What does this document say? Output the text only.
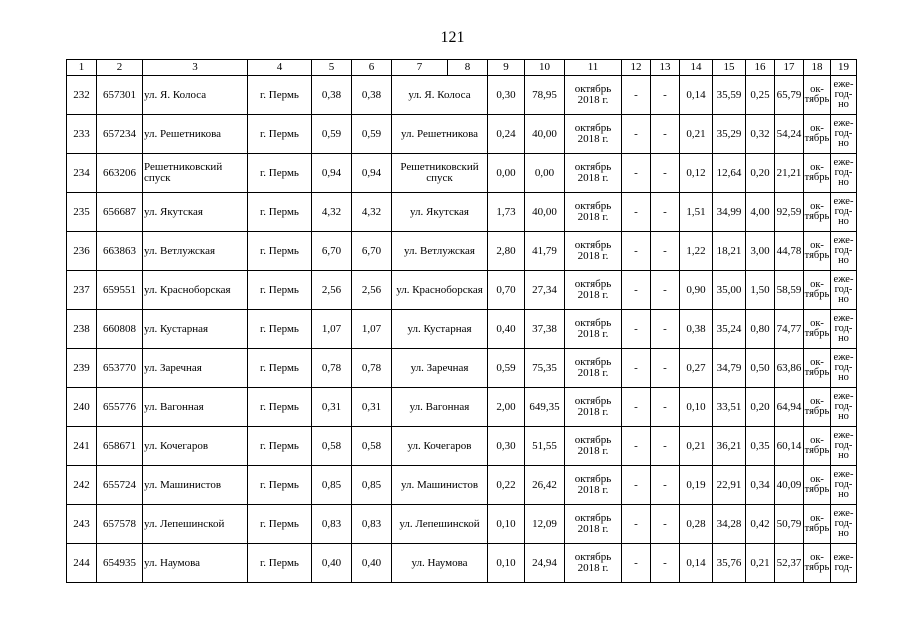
121
1	2	3	4	5	6	7	8	9	10	11	12	13	14	15	16	17	18	19
232	657301	ул. Я. Колоса	г. Пермь	0,38	0,38	ул. Я. Колоса		0,30	78,95	октябрь 2018 г.	-	-	0,14	35,59	0,25	65,79	ок-тябрь	еже-год-но
233	657234	ул. Решетникова	г. Пермь	0,59	0,59	ул. Решетникова		0,24	40,00	октябрь 2018 г.	-	-	0,21	35,29	0,32	54,24	ок-тябрь	еже-год-но
234	663206	Решетниковский спуск	г. Пермь	0,94	0,94	Решетниковский спуск		0,00	0,00	октябрь 2018 г.	-	-	0,12	12,64	0,20	21,21	ок-тябрь	еже-год-но
235	656687	ул. Якутская	г. Пермь	4,32	4,32	ул. Якутская		1,73	40,00	октябрь 2018 г.	-	-	1,51	34,99	4,00	92,59	ок-тябрь	еже-год-но
236	663863	ул. Ветлужская	г. Пермь	6,70	6,70	ул. Ветлужская		2,80	41,79	октябрь 2018 г.	-	-	1,22	18,21	3,00	44,78	ок-тябрь	еже-год-но
237	659551	ул. Красноборская	г. Пермь	2,56	2,56	ул. Красноборская		0,70	27,34	октябрь 2018 г.	-	-	0,90	35,00	1,50	58,59	ок-тябрь	еже-год-но
238	660808	ул. Кустарная	г. Пермь	1,07	1,07	ул. Кустарная		0,40	37,38	октябрь 2018 г.	-	-	0,38	35,24	0,80	74,77	ок-тябрь	еже-год-но
239	653770	ул. Заречная	г. Пермь	0,78	0,78	ул. Заречная		0,59	75,35	октябрь 2018 г.	-	-	0,27	34,79	0,50	63,86	ок-тябрь	еже-год-но
240	655776	ул. Вагонная	г. Пермь	0,31	0,31	ул. Вагонная		2,00	649,35	октябрь 2018 г.	-	-	0,10	33,51	0,20	64,94	ок-тябрь	еже-год-но
241	658671	ул. Кочегаров	г. Пермь	0,58	0,58	ул. Кочегаров		0,30	51,55	октябрь 2018 г.	-	-	0,21	36,21	0,35	60,14	ок-тябрь	еже-год-но
242	655724	ул. Машинистов	г. Пермь	0,85	0,85	ул. Машинистов		0,22	26,42	октябрь 2018 г.	-	-	0,19	22,91	0,34	40,09	ок-тябрь	еже-год-но
243	657578	ул. Лепешинской	г. Пермь	0,83	0,83	ул. Лепешинской		0,10	12,09	октябрь 2018 г.	-	-	0,28	34,28	0,42	50,79	ок-тябрь	еже-год-но
244	654935	ул. Наумова	г. Пермь	0,40	0,40	ул. Наумова		0,10	24,94	октябрь 2018 г.	-	-	0,14	35,76	0,21	52,37	ок-тябрь	еже-год-
